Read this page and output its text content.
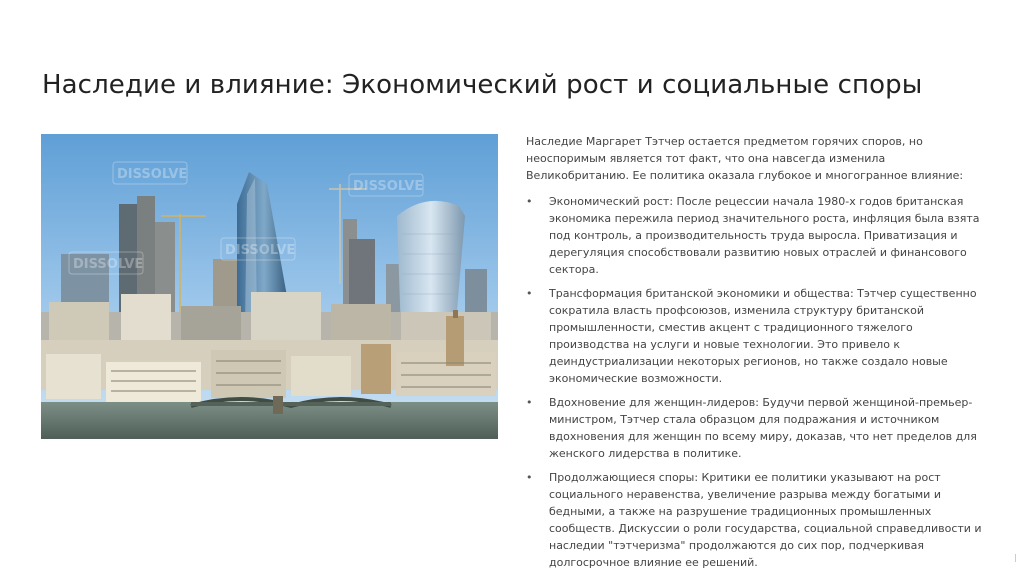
Наследие и влияние: Экономический рост и социальные споры
DISSOLVE
DISSOLVE
DISSOLVE
DISSOLVE

Наследие Маргарет Тэтчер остается предметом горячих споров, но неоспоримым является тот факт, что она навсегда изменила Великобританию. Ее политика оказала глубокое и многогранное влияние:

•	Экономический рост: После рецессии начала 1980-х годов британская экономика пережила период значительного роста, инфляция была взята под контроль, а производительность труда выросла. Приватизация и дерегуляция способствовали развитию новых отраслей и финансового сектора.
•	Трансформация британской экономики и общества: Тэтчер существенно сократила власть профсоюзов, изменила структуру британской промышленности, сместив акцент с традиционного тяжелого производства на услуги и новые технологии. Это привело к деиндустриализации некоторых регионов, но также создало новые экономические возможности.
•	Вдохновение для женщин-лидеров: Будучи первой женщиной-премьер-министром, Тэтчер стала образцом для подражания и источником вдохновения для женщин по всему миру, доказав, что нет пределов для женского лидерства в политике.
•	Продолжающиеся споры: Критики ее политики указывают на рост социального неравенства, увеличение разрыва между богатыми и бедными, а также на разрушение традиционных промышленных сообществ. Дискуссии о роли государства, социальной справедливости и наследии "тэтчеризма" продолжаются до сих пор, подчеркивая долгосрочное влияние ее решений.
